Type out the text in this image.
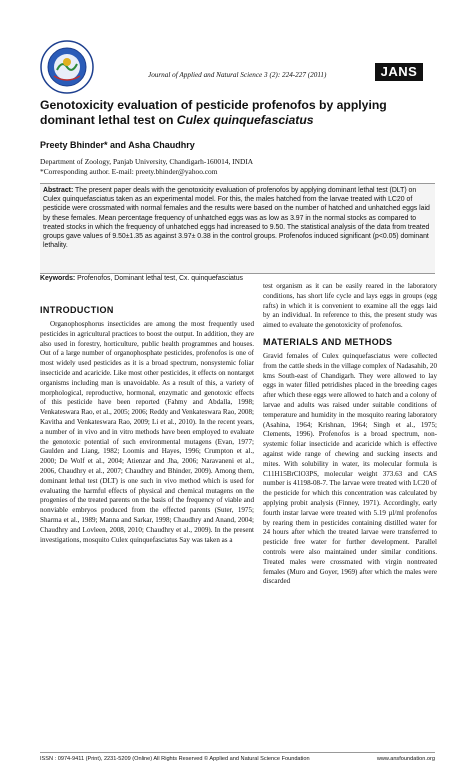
Journal of Applied and Natural Science 3 (2): 224-227 (2011)	JANS
Genotoxicity evaluation of pesticide profenofos by applying dominant lethal test on Culex quinquefasciatus
Preety Bhinder* and Asha Chaudhry
Department of Zoology, Panjab University, Chandigarh-160014, INDIA
*Corresponding author. E-mail: preety.bhinder@yahoo.com
Abstract: The present paper deals with the genotoxicity evaluation of profenofos by applying dominant lethal test (DLT) on Culex quinquefasciatus taken as an experimental model. For this, the males hatched from the larvae treated with LC20 of pesticide were crossmated with normal females and the results were based on the number of hatched and unhatched eggs laid by these females. Mean percentage frequency of unhatched eggs was as low as 3.97 in the normal stocks as compared to treated stocks in which the frequency of unhatched eggs had increased to 9.50. The statistical analysis of the data from treated groups gave values of 9.50±1.35 as against 3.97± 0.38 in the control groups. Profenofos induced significant (p<0.05) dominant lethality.
Keywords: Profenofos, Dominant lethal test, Cx. quinquefasciatus
INTRODUCTION

Organophosphorus insecticides are among the most frequently used pesticides in agricultural practices to boost the output. In addition, they are also used in forestry, horticulture, public health programmes and houses. Out of a large number of organophosphate pesticides, profenofos is one of most widely used pesticides as it is a broad spectrum, nonsystemic foliar insecticide and acaricide. Like most other pesticides, it effects on nontarget organisms including man is unavoidable. As a result of this, a variety of morphological, reproductive, hormonal, enzymatic and genotoxic effects of this pesticide have been reported (Fahmy and Abdalla, 1998; Venkateswara Rao, et al., 2005; 2006; Reddy and Venkateswara Rao, 2008; Kavitha and Venkateswara Rao, 2009; Li et al., 2010). In the recent years, a number of in vivo and in vitro methods have been employed to evaluate the genotoxic potential of such environmental mutagens (Evan, 1977; Gaulden and Liang, 1982; Loomis and Hayes, 1996; Crumpton et al., 2000; De Wolf et al., 2004; Atienzar and Jha, 2006; Naravaneni et al., 2006, Chaudhry et al., 2007; Chaudhry and Bhinder, 2009). Among them, dominant lethal test (DLT) is one such in vivo method which is used for evaluating the harmful effects of physical and chemical mutagens on the progenies of the treated parents on the basis of the frequency of viable and nonviable embryos produced from the effected parents (Suter, 1975; Sharma et al., 1989; Manna and Sarkar, 1998; Chaudhry and Anand, 2004; Chaudhry and Lovleen, 2008, 2010; Chaudhry et al., 2009). In the present investigations, mosquito Culex quinquefasciatus Say was taken as a

test organism as it can be easily reared in the laboratory conditions, has short life cycle and lays eggs in groups (egg rafts) in which it is convenient to examine all the eggs laid by an individual. In reference to this, the present study was aimed to evaluate the genotoxicity of profenofos.

MATERIALS AND METHODS

Gravid females of Culex quinquefasciatus were collected from the cattle sheds in the village complex of Nadasahib, 20 kms South-east of Chandigarh. They were allowed to lay eggs in water filled petridishes placed in the breeding cages after which these eggs were allowed to hatch and a colony of larvae and adults was raised under suitable conditions of temperature and humidity in the mosquito rearing laboratory (Asahina, 1964; Krishnan, 1964; Singh et al., 1975; Clements, 1996). Profenofos is a broad spectrum, non-systemic foliar insecticide and acaricide which is effective against wide range of chewing and sucking insects and mites. With solubility in water, its molecular formula is C11H15BrClO3PS, molecular weight 373.63 and CAS number is 41198-08-7. The larvae were treated with LC20 of the pesticide for which this concentration was calculated by applying probit analysis (Finney, 1971). Accordingly, early fourth instar larvae were treated with 5.19 µl/ml profenofos by rearing them in pesticides containing distilled water for 24 hours after which the treated larvae were transferred to pesticide free water for further development. Parallel controls were also maintained under similar conditions. Treated males were crossmated with virgin nontreated females (Muro and Goyer, 1969) after which the males were discarded

ISSN : 0974-9411 (Print), 2231-5209 (Online) All Rights Reserved © Applied and Natural Science Foundation	www.ansfoundation.org
